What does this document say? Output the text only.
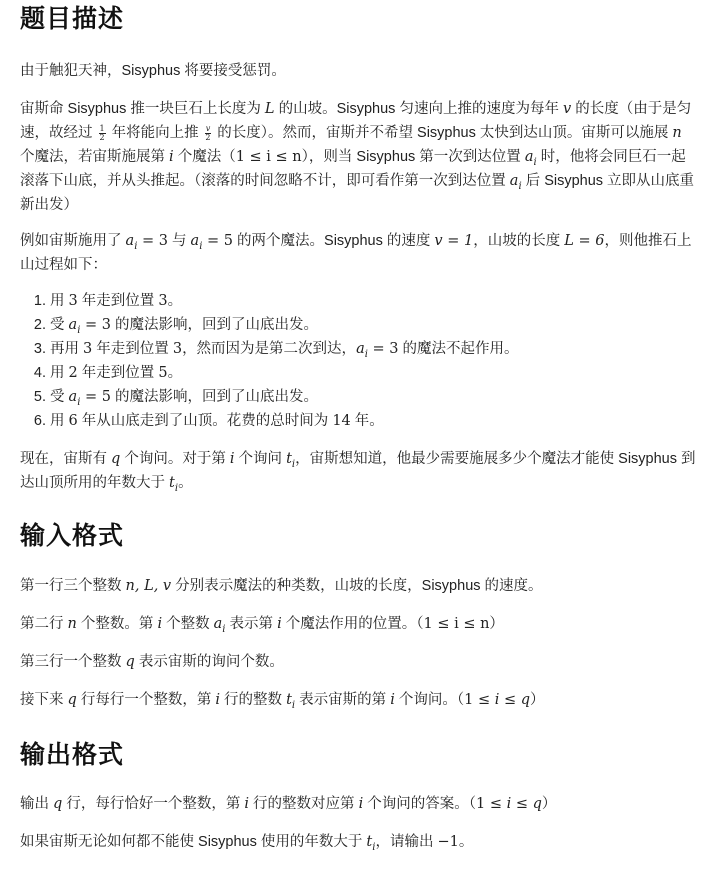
题目描述

由于触犯天神，Sisyphus 将要接受惩罚。

宙斯命 Sisyphus 推一块巨石上长度为 L 的山坡。Sisyphus 匀速向上推的速度为每年 v 的长度（由于是匀速，故经过 $\frac{1}{2}$ 年将能向上推 $\frac{v}{2}$ 的长度）。然而，宙斯并不希望 Sisyphus 太快到达山顶。宙斯可以施展 n 个魔法，若宙斯施展第 i 个魔法（1 ≤ i ≤ n），则当 Sisyphus 第一次到达位置 $a_i$ 时，他将会同巨石一起滚落下山底，并从头推起。（滚落的时间忽略不计，即可看作第一次到达位置 $a_i$ 后 Sisyphus 立即从山底重新出发）

例如宙斯施用了 $a_i = 3$ 与 $a_i = 5$ 的两个魔法。Sisyphus 的速度 v = 1，山坡的长度 L = 6，则他推石上山过程如下：

1. 用 3 年走到位置 3。
2. 受 $a_i = 3$ 的魔法影响，回到了山底出发。
3. 再用 3 年走到位置 3，然而因为是第二次到达，$a_i = 3$ 的魔法不起作用。
4. 用 2 年走到位置 5。
5. 受 $a_i = 5$ 的魔法影响，回到了山底出发。
6. 用 6 年从山底走到了山顶。花费的总时间为 14 年。

现在，宙斯有 q 个询问。对于第 i 个询问 $t_i$，宙斯想知道，他最少需要施展多少个魔法才能使 Sisyphus 到达山顶所用的年数大于 $t_i$。

输入格式

第一行三个整数 n, L, v 分别表示魔法的种类数，山坡的长度，Sisyphus 的速度。

第二行 n 个整数。第 i 个整数 $a_i$ 表示第 i 个魔法作用的位置。（1 ≤ i ≤ n）

第三行一个整数 q 表示宙斯的询问个数。

接下来 q 行每行一个整数，第 i 行的整数 $t_i$ 表示宙斯的第 i 个询问。（1 ≤ i ≤ q）

输出格式

输出 q 行，每行恰好一个整数，第 i 行的整数对应第 i 个询问的答案。（1 ≤ i ≤ q）

如果宙斯无论如何都不能使 Sisyphus 使用的年数大于 $t_i$，请输出 −1。
